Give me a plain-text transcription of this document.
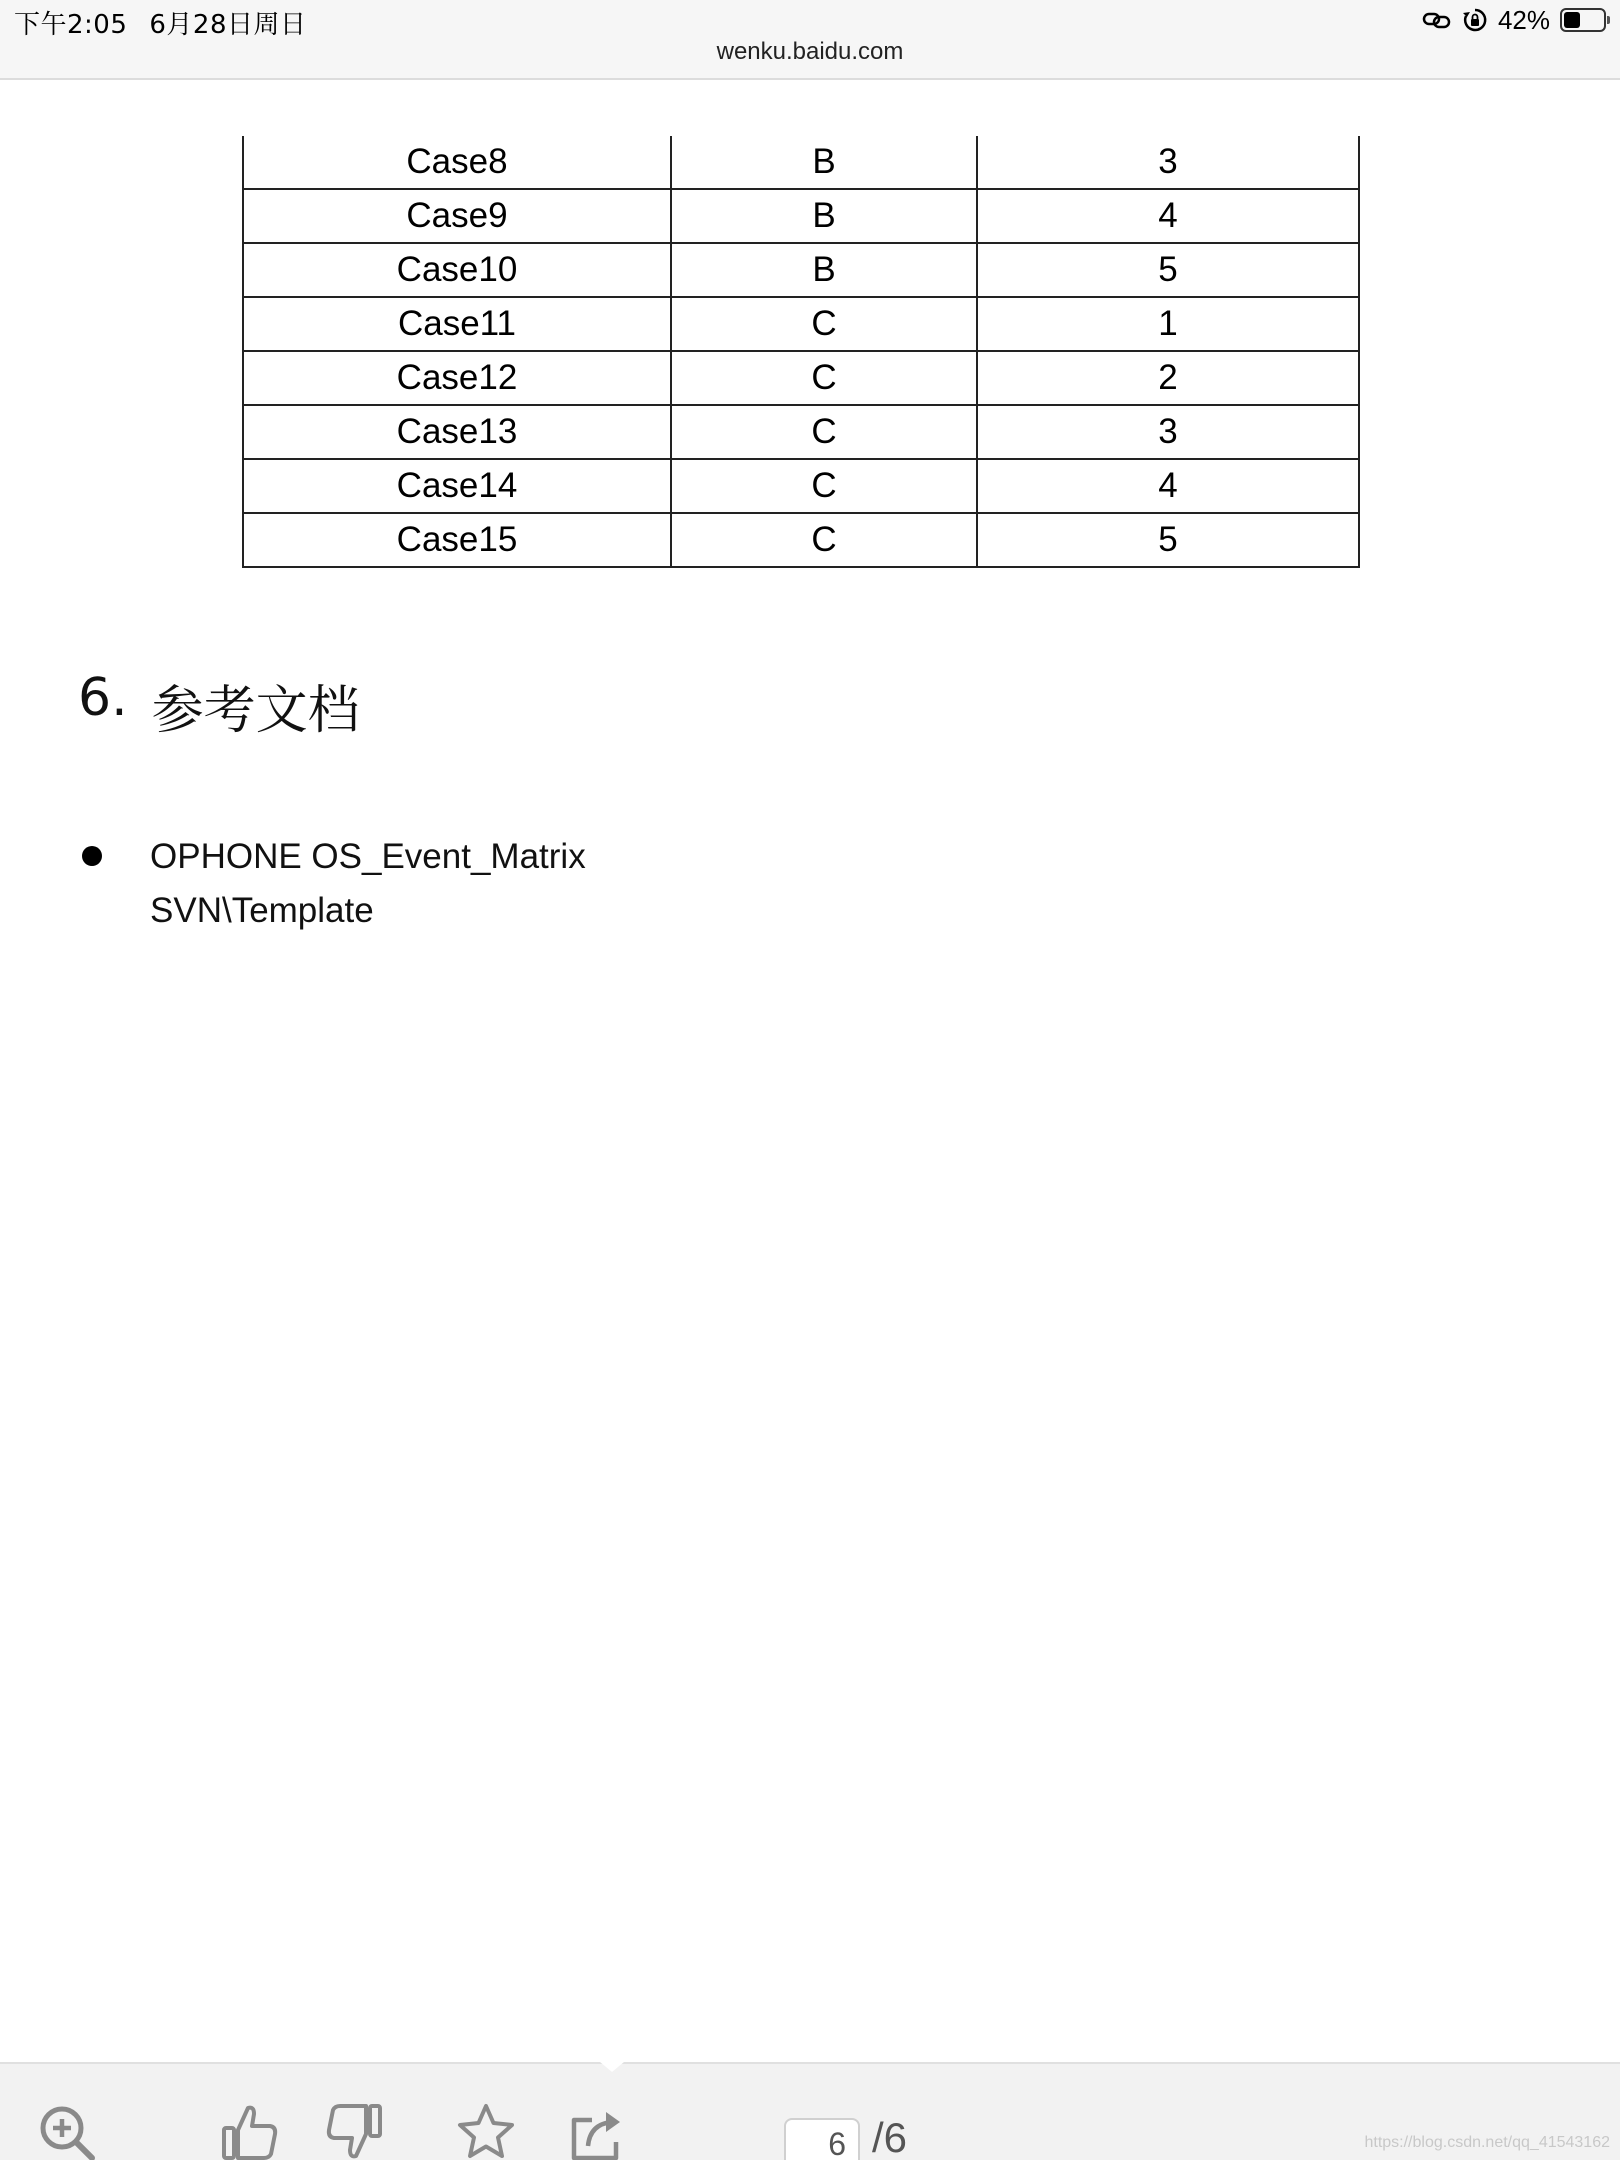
下午2:05 6月28日周日	42%
wenku.baidu.com
Case8	B	3
Case9	B	4
Case10	B	5
Case11	C	1
Case12	C	2
Case13	C	3
Case14	C	4
Case15	C	5
6. 参考文档
OPHONE OS_Event_Matrix
SVN\Template
6
/6	https://blog.csdn.net/qq_41543162
